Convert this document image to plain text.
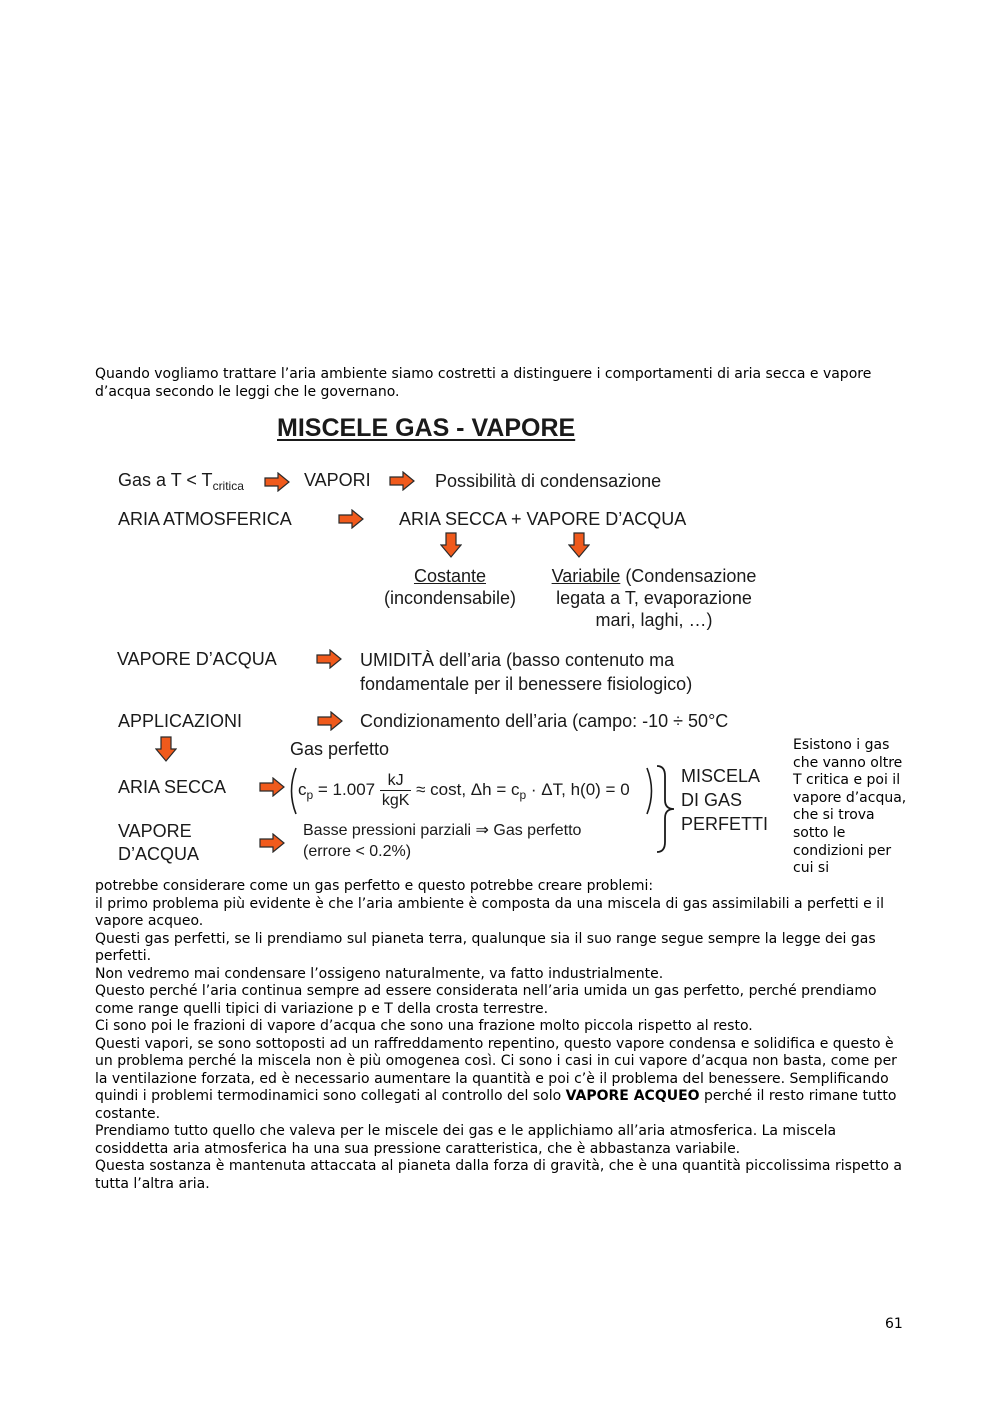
Quando vogliamo trattare l’aria ambiente siamo costretti a distinguere i comportamenti di aria secca e vapore d’acqua secondo le leggi che le governano.
MISCELE GAS - VAPORE
Gas a $T < T_{critica}$	VAPORI	Possibilità di condensazione
ARIA ATMOSFERICA	ARIA SECCA + VAPORE D’ACQUA
Costante
(incondensabile)
Variabile (Condensazione
legata a T, evaporazione
mari, laghi, …)
VAPORE D’ACQUA	UMIDITÀ dell’aria (basso contenuto ma
fondamentale per il benessere fisiologico)
APPLICAZIONI	Condizionamento dell’aria (campo: -10 ÷ 50°C
Gas perfetto
ARIA SECCA	$c_p = 1.007 \frac{kJ}{\text{kgK}} \approx \cos t$, $\Delta h = c_p \cdot \Delta T$, h(0) = 0
MISCELA
DI GAS
PERFETTI
VAPORE
D’ACQUA
Basse pressioni parziali ⇒ Gas perfetto
(errore < 0.2%)
Esistono i gas che vanno oltre T critica e poi il vapore d’acqua, che si trova sotto le condizioni per cui si

potrebbe considerare come un gas perfetto e questo potrebbe creare problemi:

il primo problema più evidente è che l’aria ambiente è composta da una miscela di gas assimilabili a perfetti e il vapore acqueo.

Questi gas perfetti, se li prendiamo sul pianeta terra, qualunque sia il suo range segue sempre la legge dei gas perfetti.

Non vedremo mai condensare l’ossigeno naturalmente, va fatto industrialmente.

Questo perché l’aria continua sempre ad essere considerata nell’aria umida un gas perfetto, perché prendiamo come range quelli tipici di variazione p e T della crosta terrestre.

Ci sono poi le frazioni di vapore d’acqua che sono una frazione molto piccola rispetto al resto.

Questi vapori, se sono sottoposti ad un raffreddamento repentino, questo vapore condensa e solidifica e questo è un problema perché la miscela non è più omogenea così. Ci sono i casi in cui vapore d’acqua non basta, come per la ventilazione forzata, ed è necessario aumentare la quantità e poi c’è il problema del benessere. Semplificando quindi i problemi termodinamici sono collegati al controllo del solo VAPORE ACQUEO perché il resto rimane tutto costante.

Prendiamo tutto quello che valeva per le miscele dei gas e le applichiamo all’aria atmosferica. La miscela cosiddetta aria atmosferica ha una sua pressione caratteristica, che è abbastanza variabile.

Questa sostanza è mantenuta attaccata al pianeta dalla forza di gravità, che è una quantità piccolissima rispetto a tutta l’altra aria.

61
